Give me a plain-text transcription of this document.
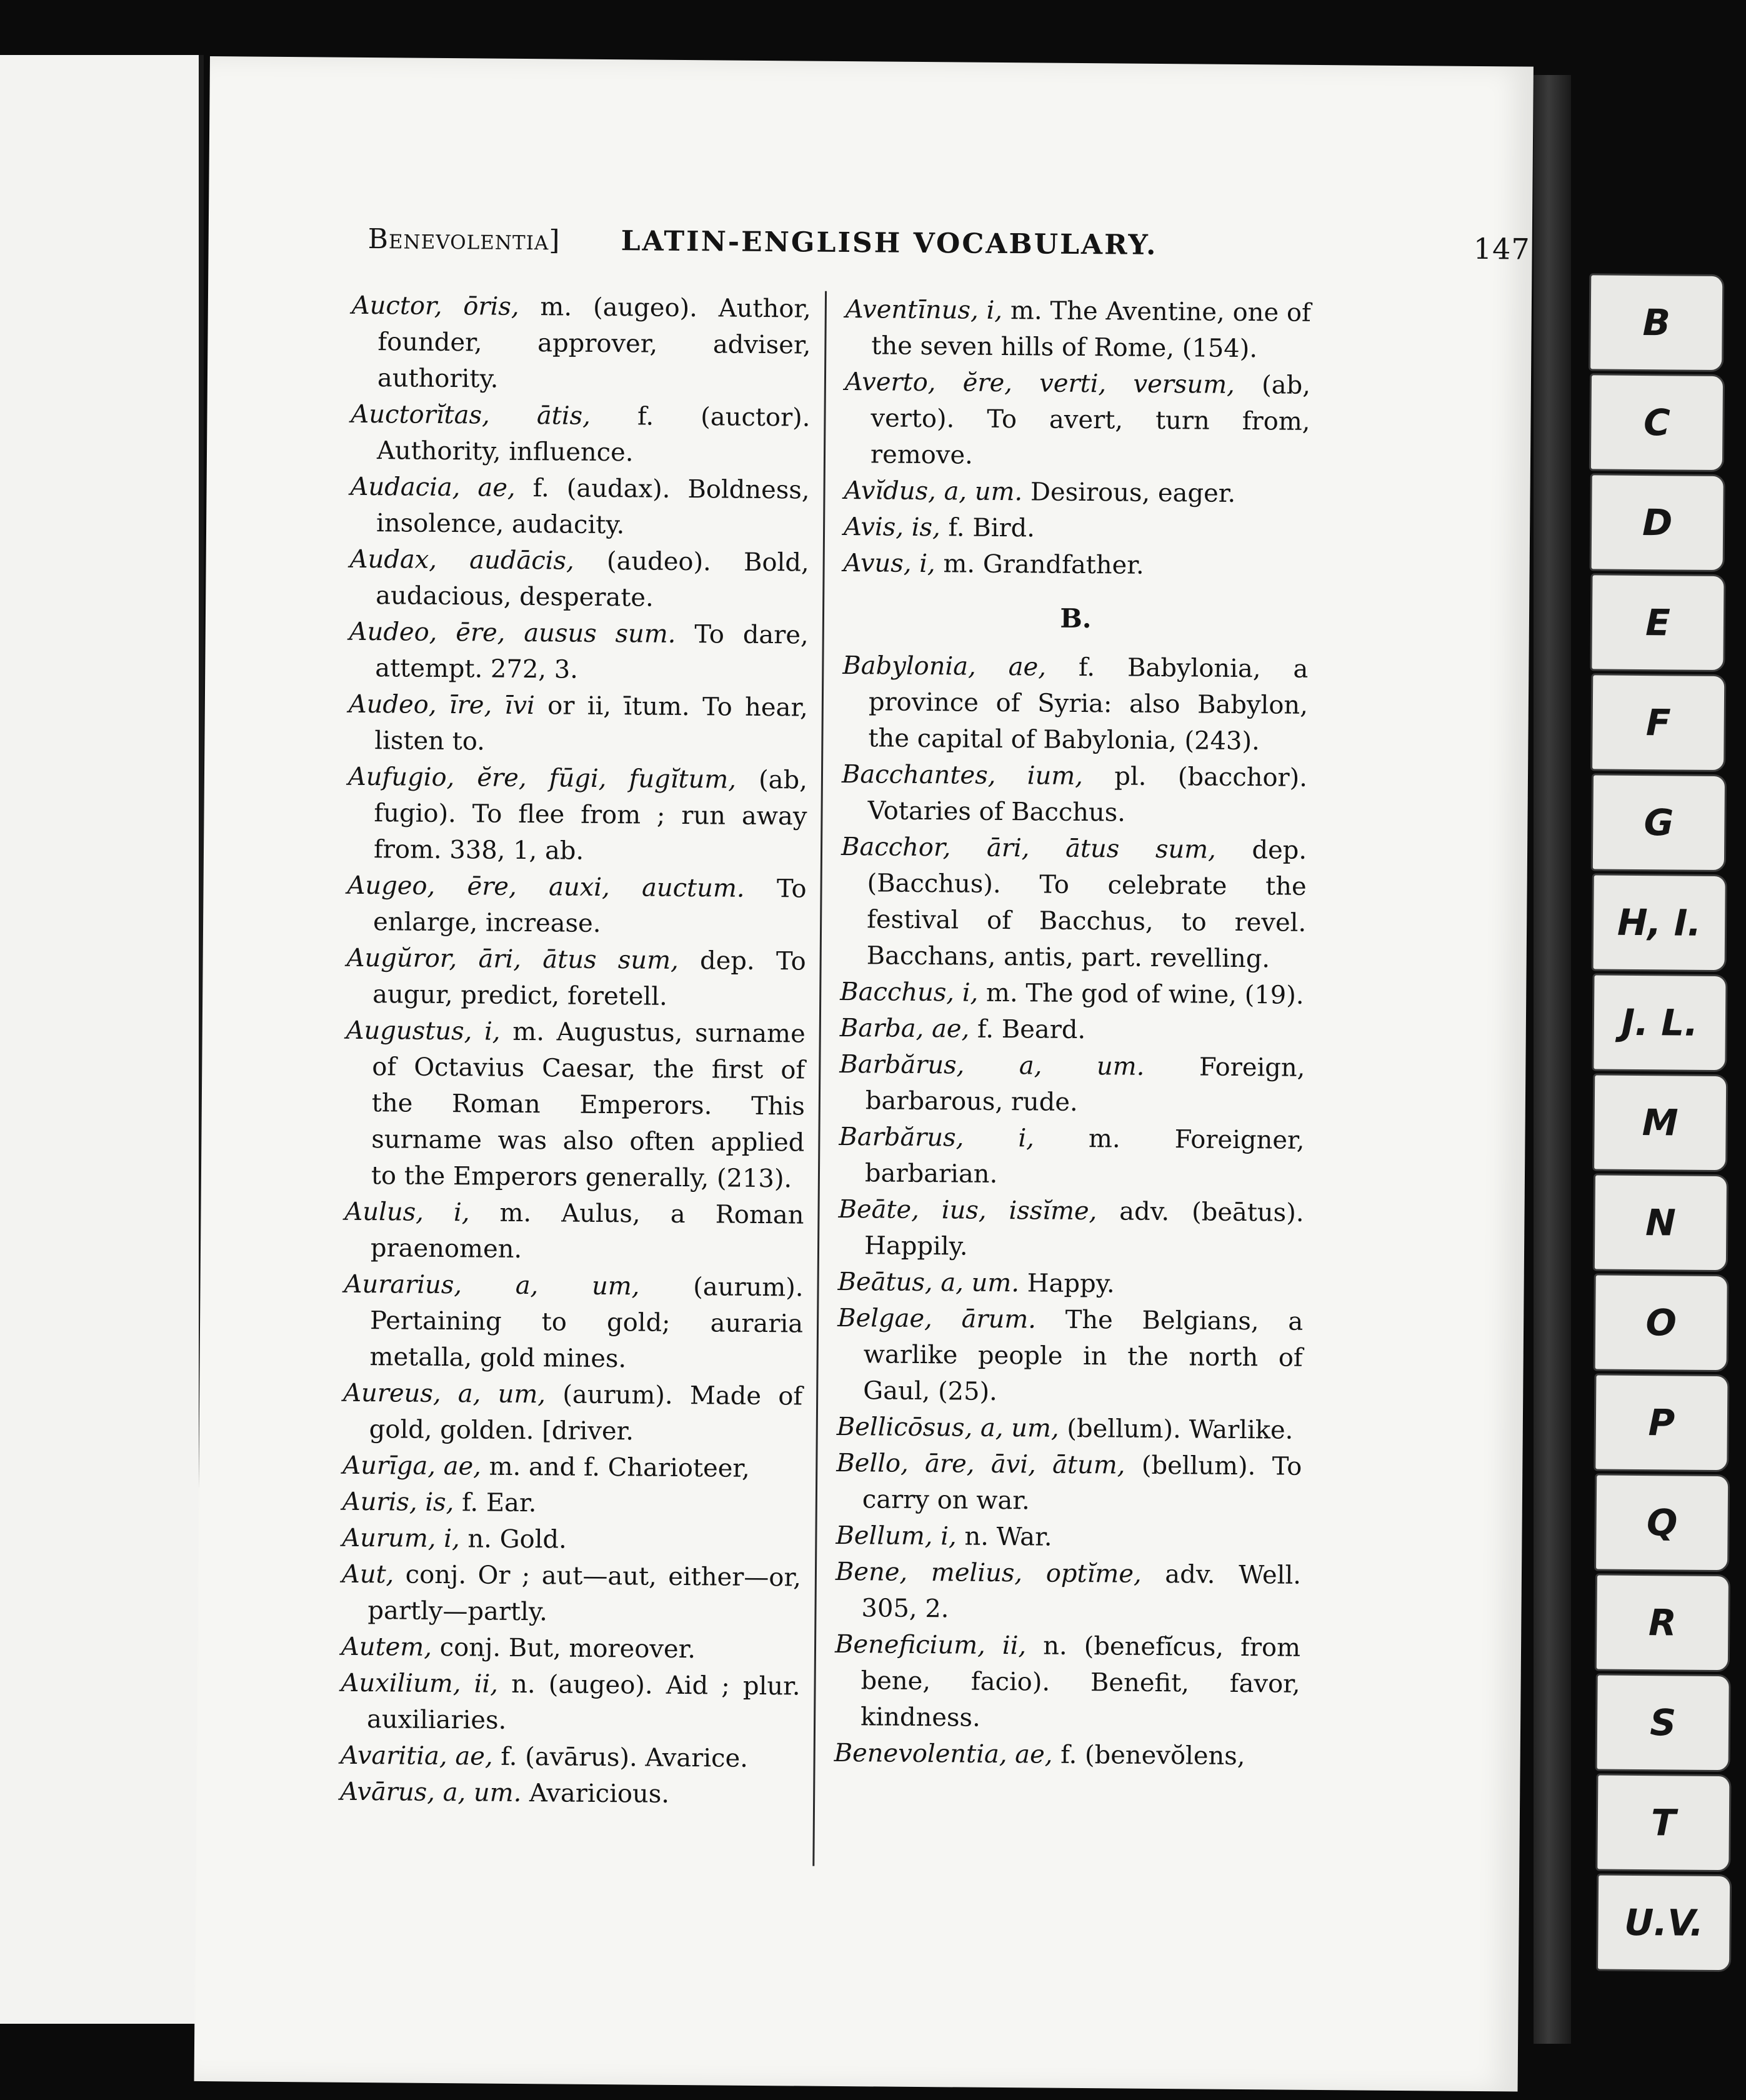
Benevolentia] LATIN-ENGLISH VOCABULARY.	147

Auctor, ōris, m. (augeo). Author, founder, approver, adviser, authority.

Auctorĭtas, ātis, f. (auctor). Authority, influence.

Audacia, ae, f. (audax). Boldness, insolence, audacity.

Audax, audācis, (audeo). Bold, audacious, desperate.

Audeo, ēre, ausus sum. To dare, attempt. 272, 3.

Audeo, īre, īvi or ii, ītum. To hear, listen to.

Aufugio, ĕre, fūgi, fugĭtum, (ab, fugio). To flee from ; run away from. 338, 1, ab.

Augeo, ēre, auxi, auctum. To enlarge, increase.

Augŭror, āri, ātus sum, dep. To augur, predict, foretell.

Augustus, i, m. Augustus, surname of Octavius Caesar, the first of the Roman Emperors. This surname was also often applied to the Emperors generally, (213).

Aulus, i, m. Aulus, a Roman praenomen.

Aurarius, a, um, (aurum). Pertaining to gold; auraria metalla, gold mines.

Aureus, a, um, (aurum). Made of gold, golden. [driver.

Aurīga, ae, m. and f. Charioteer,

Auris, is, f. Ear.

Aurum, i, n. Gold.

Aut, conj. Or ; aut—aut, either—or, partly—partly.

Autem, conj. But, moreover.

Auxilium, ii, n. (augeo). Aid ; plur. auxiliaries.

Avaritia, ae, f. (avārus). Avarice.

Avārus, a, um. Avaricious.

Aventīnus, i, m. The Aventine, one of the seven hills of Rome, (154).

Averto, ĕre, verti, versum, (ab, verto). To avert, turn from, remove.

Avĭdus, a, um. Desirous, eager.

Avis, is, f. Bird.

Avus, i, m. Grandfather.

B.

Babylonia, ae, f. Babylonia, a province of Syria: also Babylon, the capital of Babylonia, (243).

Bacchantes, ium, pl. (bacchor). Votaries of Bacchus.

Bacchor, āri, ātus sum, dep. (Bacchus). To celebrate the festival of Bacchus, to revel. Bacchans, antis, part. revelling.

Bacchus, i, m. The god of wine, (19).

Barba, ae, f. Beard.

Barbărus, a, um. Foreign, barbarous, rude.

Barbărus, i, m. Foreigner, barbarian.

Beāte, ius, issĭme, adv. (beātus). Happily.

Beātus, a, um. Happy.

Belgae, ārum. The Belgians, a warlike people in the north of Gaul, (25).

Bellicōsus, a, um, (bellum). Warlike.

Bello, āre, āvi, ātum, (bellum). To carry on war.

Bellum, i, n. War.

Bene, melius, optĭme, adv. Well. 305, 2.

Beneficium, ii, n. (benefĭcus, from bene, facio). Benefit, favor, kindness.

Benevolentia, ae, f. (benevŏlens,

B
C
D
E
F
G
H, I.
J. L.
M
N
O
P
Q
R
S
T
U.V.
